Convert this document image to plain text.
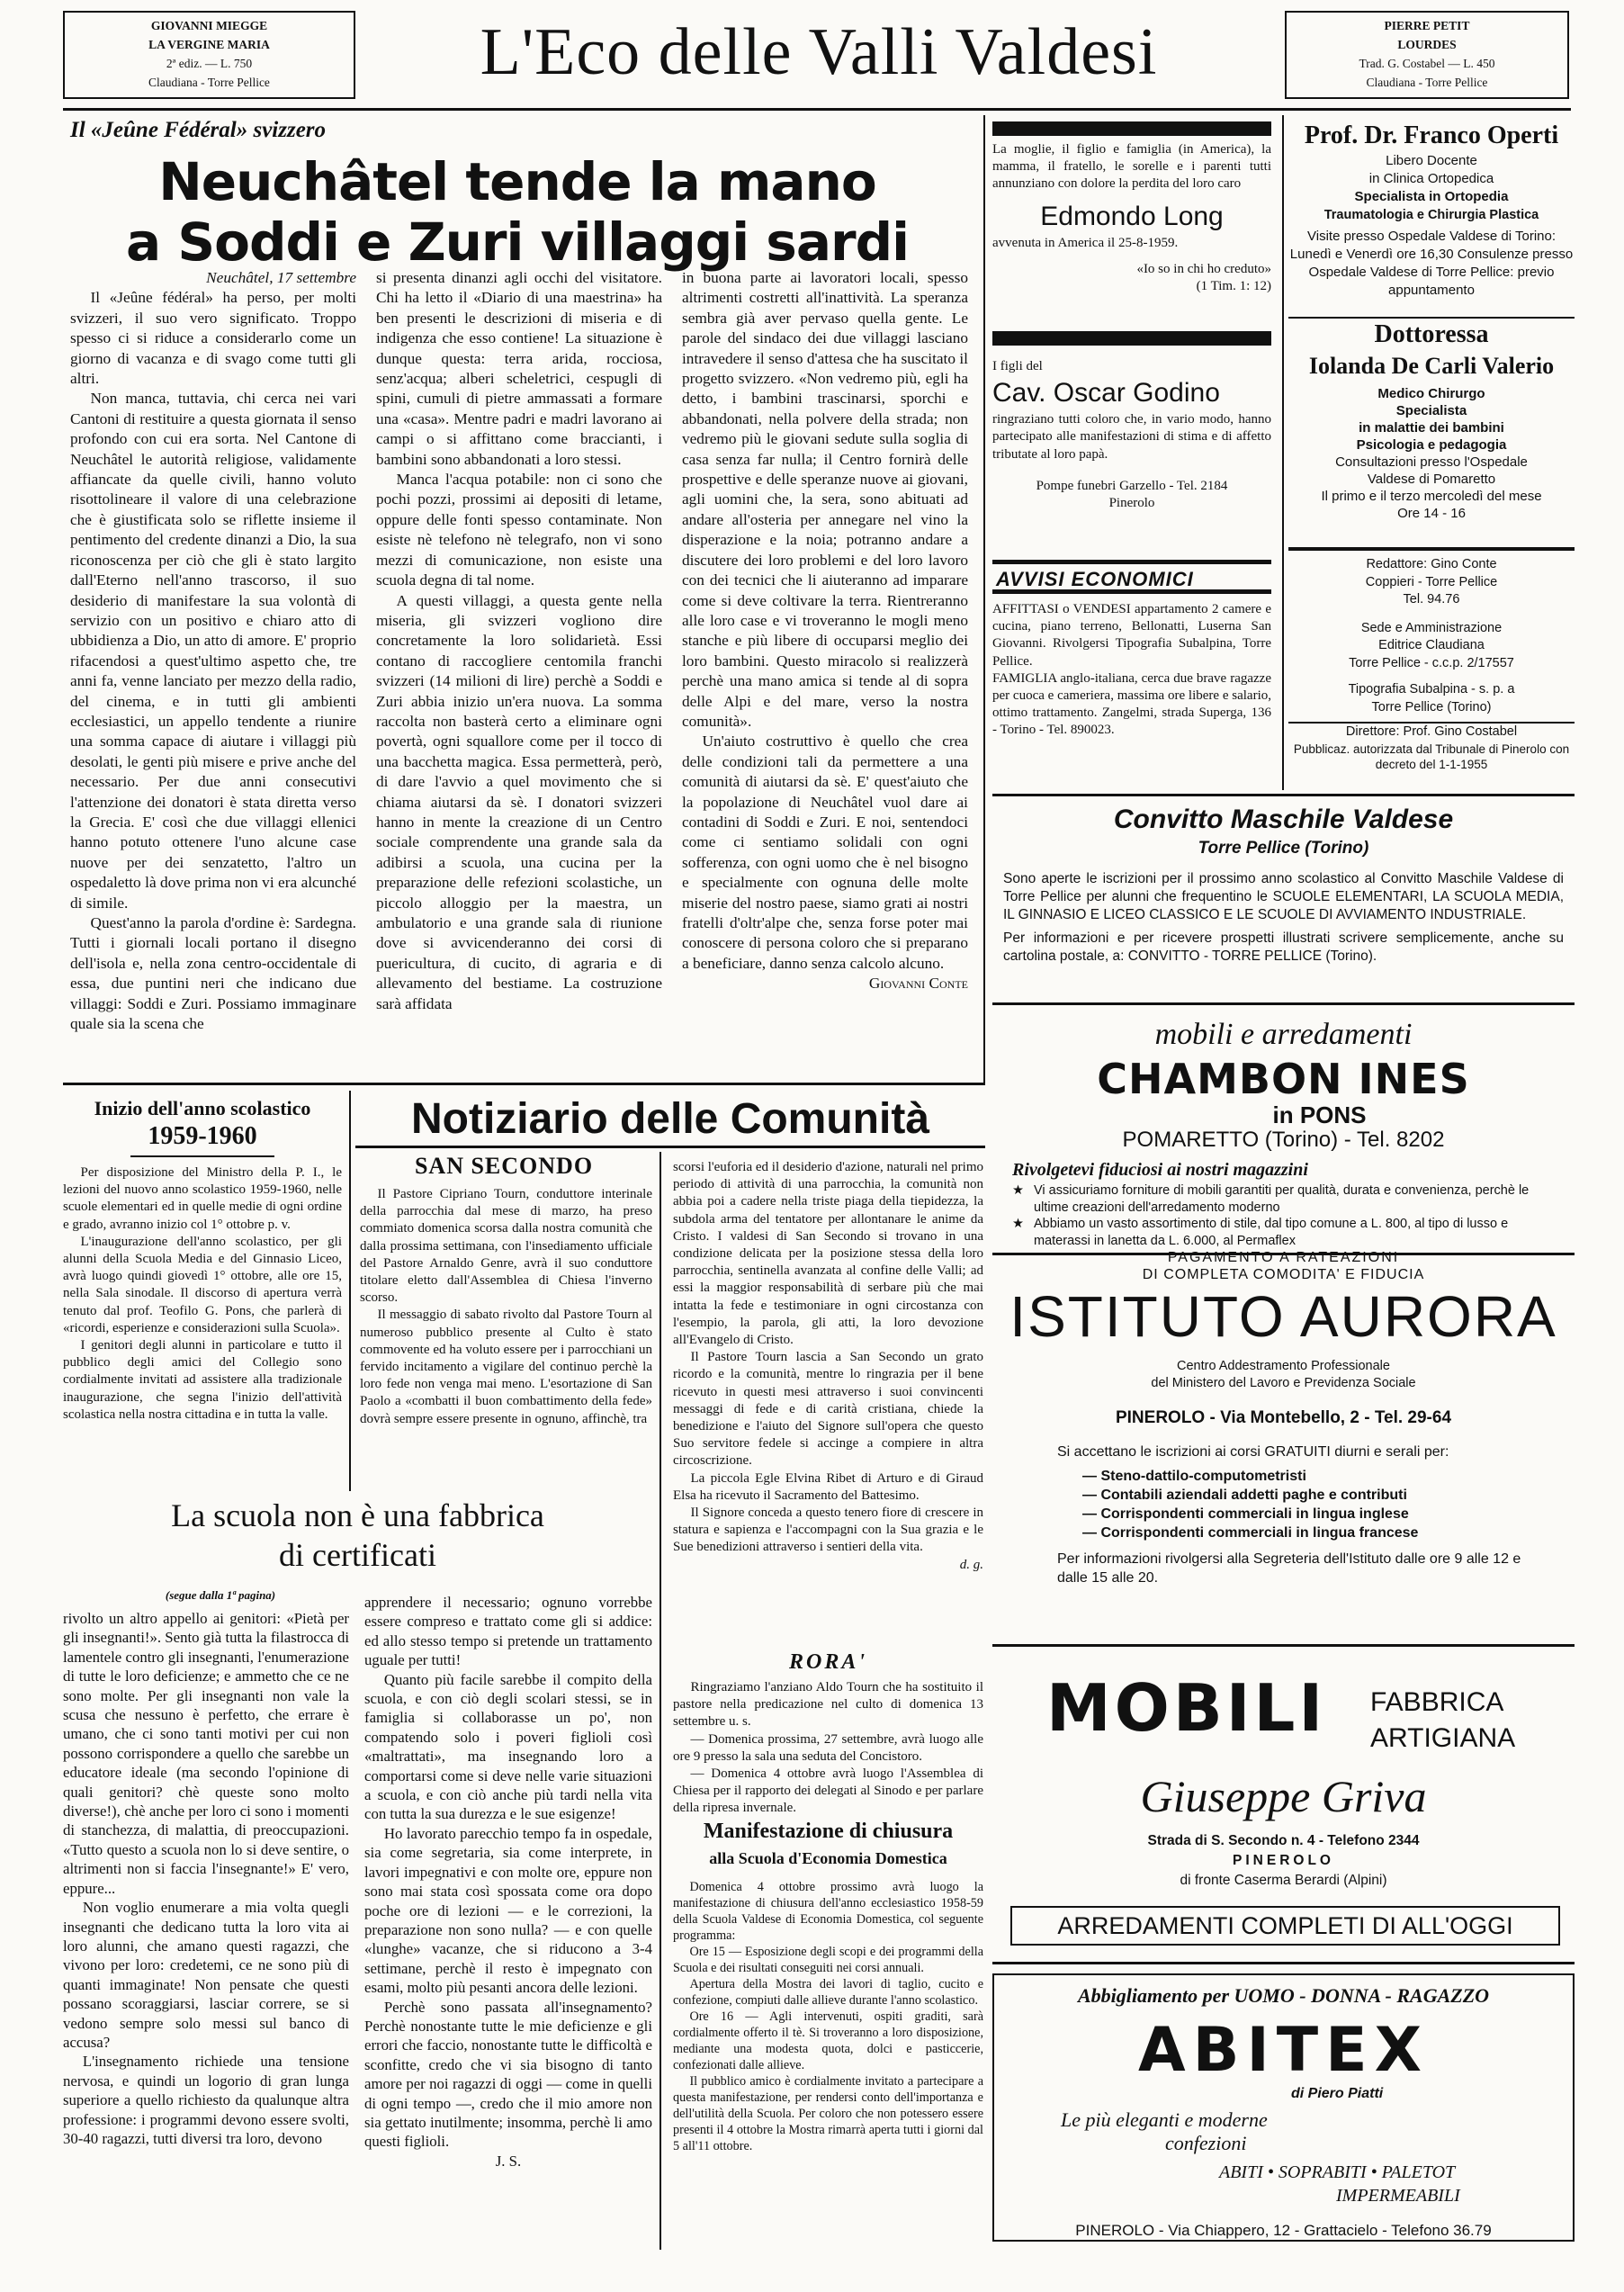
GIOVANNI MIEGGE
LA VERGINE MARIA
2ª ediz. — L. 750
Claudiana - Torre Pellice	L'Eco delle Valli Valdesi	PIERRE PETIT
LOURDES
Trad. G. Costabel — L. 450
Claudiana - Torre Pellice
Il «Jeûne Fédéral» svizzero
Neuchâtel tende la mano
a Soddi e Zuri villaggi sardi

Neuchâtel, 17 settembre

Il «Jeûne fédéral» ha perso, per molti svizzeri, il suo vero significato. Troppo spesso ci si riduce a considerarlo come un giorno di vacanza e di svago come tutti gli altri.

Non manca, tuttavia, chi cerca nei vari Cantoni di restituire a questa giornata il senso profondo con cui era sorta. Nel Cantone di Neuchâtel le autorità religiose, validamente affiancate da quelle civili, hanno voluto risottolineare il valore di una celebrazione che è giustificata solo se riflette insieme il pentimento del credente dinanzi a Dio, la sua riconoscenza per ciò che gli è stato largito dall'Eterno nell'anno trascorso, il suo desiderio di manifestare la sua volontà di servizio con un positivo e chiaro atto di ubbidienza a Dio, un atto di amore. E' proprio rifacendosi a quest'ultimo aspetto che, tre anni fa, venne lanciato per mezzo della radio, del cinema, e in tutti gli ambienti ecclesiastici, un appello tendente a riunire una somma capace di aiutare i villaggi più desolati, le genti più misere e prive anche del necessario. Per due anni consecutivi l'attenzione dei donatori è stata diretta verso la Grecia. E' così che due villaggi ellenici hanno potuto ottenere l'uno alcune case nuove per dei senzatetto, l'altro un ospedaletto là dove prima non vi era alcunché di simile.

Quest'anno la parola d'ordine è: Sardegna. Tutti i giornali locali portano il disegno dell'isola e, nella zona centro-occidentale di essa, due puntini neri che indicano due villaggi: Soddi e Zuri. Possiamo immaginare quale sia la scena che

si presenta dinanzi agli occhi del visitatore. Chi ha letto il «Diario di una maestrina» ha ben presenti le descrizioni di miseria e di indigenza che esso contiene! La situazione è dunque questa: terra arida, rocciosa, senz'acqua; alberi scheletrici, cespugli di spini, cumuli di pietre ammassati a formare una «casa». Mentre padri e madri lavorano ai campi o si affittano come braccianti, i bambini sono abbandonati a loro stessi.

Manca l'acqua potabile: non ci sono che pochi pozzi, prossimi ai depositi di letame, oppure delle fonti spesso contaminate. Non esiste nè telefono nè telegrafo, non vi sono mezzi di comunicazione, non esiste una scuola degna di tal nome.

A questi villaggi, a questa gente nella miseria, gli svizzeri vogliono dire concretamente la loro solidarietà. Essi contano di raccogliere centomila franchi svizzeri (14 milioni di lire) perchè a Soddi e Zuri abbia inizio un'era nuova. La somma raccolta non basterà certo a eliminare ogni povertà, ogni squallore come per il tocco di una bacchetta magica. Essa permetterà, però, di dare l'avvio a quel movimento che si chiama aiutarsi da sè. I donatori svizzeri hanno in mente la creazione di un Centro sociale comprendente una grande sala da adibirsi a scuola, una cucina per la preparazione delle refezioni scolastiche, un piccolo alloggio per la maestra, un ambulatorio e una grande sala di riunione dove si avvicenderanno dei corsi di puericultura, di cucito, di agraria e di allevamento del bestiame. La costruzione sarà affidata

in buona parte ai lavoratori locali, spesso altrimenti costretti all'inattività. La speranza sembra già aver pervaso quella gente. Le parole del sindaco dei due villaggi lasciano intravedere il senso d'attesa che ha suscitato il progetto svizzero. «Non vedremo più, egli ha detto, i bambini trascinarsi, sporchi e abbandonati, nella polvere della strada; non vedremo più le giovani sedute sulla soglia di casa senza far nulla; il Centro fornirà delle prospettive e delle speranze nuove ai giovani, agli uomini che, la sera, sono abituati ad andare all'osteria per annegare nel vino la disperazione e la noia; potranno andare a discutere dei loro problemi e del loro lavoro con dei tecnici che li aiuteranno ad imparare come si deve coltivare la terra. Rientreranno alle loro case e vi troveranno le mogli meno stanche e più libere di occuparsi meglio dei loro bambini. Questo miracolo si realizzerà perchè una mano amica si tende al di sopra delle Alpi e del mare, verso la nostra comunità».

Un'aiuto costruttivo è quello che crea delle condizioni tali da permettere a una comunità di aiutarsi da sè. E' quest'aiuto che la popolazione di Neuchâtel vuol dare ai contadini di Soddi e Zuri. E noi, sentendoci come ci sentiamo solidali con ogni sofferenza, con ogni uomo che è nel bisogno e specialmente con ognuna delle molte miserie del nostro paese, siamo grati ai nostri fratelli d'oltr'alpe che, senza forse poter mai conoscere di persona coloro che si preparano a beneficiare, danno senza calcolo alcuno.

Giovanni Conte

La moglie, il figlio e famiglia (in America), la mamma, il fratello, le sorelle e i parenti tutti annunziano con dolore la perdita del loro caro
Edmondo Long
avvenuta in America il 25-8-1959.
«Io so in chi ho creduto»
(1 Tim. 1: 12)
I figli del
Cav. Oscar Godino
ringraziano tutti coloro che, in vario modo, hanno partecipato alle manifestazioni di stima e di affetto tributate al loro papà.
Pompe funebri Garzello - Tel. 2184
Pinerolo
AVVISI ECONOMICI

AFFITTASI o VENDESI appartamento 2 camere e cucina, piano terreno, Bellonatti, Luserna San Giovanni. Rivolgersi Tipografia Subalpina, Torre Pellice.

FAMIGLIA anglo-italiana, cerca due brave ragazze per cuoca e cameriera, massima ore libere e salario, ottimo trattamento. Zangelmi, strada Superga, 136 - Torino - Tel. 890023.

Prof. Dr. Franco Operti
Libero Docente
in Clinica Ortopedica
Specialista in Ortopedia
Traumatologia e Chirurgia Plastica
Visite presso Ospedale Valdese di Torino: Lunedì e Venerdì ore 16,30 Consulenze presso Ospedale Valdese di Torre Pellice: previo appuntamento
Dottoressa
Iolanda De Carli Valerio
Medico Chirurgo
Specialista
in malattie dei bambini
Psicologia e pedagogia
Consultazioni presso l'Ospedale
Valdese di Pomaretto
Il primo e il terzo mercoledì del mese
Ore 14 - 16
Redattore: Gino Conte
Coppieri - Torre Pellice
Tel. 94.76
Sede e Amministrazione
Editrice Claudiana
Torre Pellice - c.c.p. 2/17557
Tipografia Subalpina - s. p. a
Torre Pellice (Torino)
Direttore: Prof. Gino Costabel
Pubblicaz. autorizzata dal Tribunale di Pinerolo con decreto del 1-1-1955
Convitto Maschile Valdese
Torre Pellice (Torino)
Sono aperte le iscrizioni per il prossimo anno scolastico al Convitto Maschile Valdese di Torre Pellice per alunni che frequentino le SCUOLE ELEMENTARI, LA SCUOLA MEDIA, IL GINNASIO E LICEO CLASSICO E LE SCUOLE DI AVVIAMENTO INDUSTRIALE.
Per informazioni e per ricevere prospetti illustrati scrivere semplicemente, anche su cartolina postale, a: CONVITTO - TORRE PELLICE (Torino).
mobili e arredamenti
CHAMBON INES
in PONS
POMARETTO (Torino) - Tel. 8202
Rivolgetevi fiduciosi ai nostri magazzini
★ Vi assicuriamo forniture di mobili garantiti per qualità, durata e convenienza, perchè le ultime creazioni dell'arredamento moderno
★ Abbiamo un vasto assortimento di stile, dal tipo comune a L. 800, al tipo di lusso e materassi in lanetta da L. 6.000, al Permaflex
PAGAMENTO A RATEAZIONI
DI COMPLETA COMODITA' E FIDUCIA
ISTITUTO AURORA
Centro Addestramento Professionale
del Ministero del Lavoro e Previdenza Sociale
PINEROLO - Via Montebello, 2 - Tel. 29-64
Si accettano le iscrizioni ai corsi GRATUITI diurni e serali per:
— Steno-dattilo-computometristi
— Contabili aziendali addetti paghe e contributi
— Corrispondenti commerciali in lingua inglese
— Corrispondenti commerciali in lingua francese
Per informazioni rivolgersi alla Segreteria dell'Istituto dalle ore 9 alle 12 e dalle 15 alle 20.
MOBILI FABBRICA
ARTIGIANA
Giuseppe Griva
Strada di S. Secondo n. 4 - Telefono 2344
PINEROLO
di fronte Caserma Berardi (Alpini)
ARREDAMENTI COMPLETI DI ALL'OGGI
Abbigliamento per UOMO - DONNA - RAGAZZO
ABITEX
di Piero Piatti
Le più eleganti e moderne
confezioni
ABITI • SOPRABITI • PALETOT
IMPERMEABILI
PINEROLO - Via Chiappero, 12 - Grattacielo - Telefono 36.79
Inizio dell'anno scolastico
1959-1960

Per disposizione del Ministro della P. I., le lezioni del nuovo anno scolastico 1959-1960, nelle scuole elementari ed in quelle medie di ogni ordine e grado, avranno inizio col 1° ottobre p. v.

L'inaugurazione dell'anno scolastico, per gli alunni della Scuola Media e del Ginnasio Liceo, avrà luogo quindi giovedì 1° ottobre, alle ore 15, nella Sala sinodale. Il discorso di apertura verrà tenuto dal prof. Teofilo G. Pons, che parlerà di «ricordi, esperienze e considerazioni sulla Scuola».

I genitori degli alunni in particolare e tutto il pubblico degli amici del Collegio sono cordialmente invitati ad assistere alla tradizionale inaugurazione, che segna l'inizio dell'attività scolastica nella nostra cittadina e in tutta la valle.

Notiziario delle Comunità
SAN SECONDO

Il Pastore Cipriano Tourn, conduttore interinale della parrocchia dal mese di marzo, ha preso commiato domenica scorsa dalla nostra comunità che dalla prossima settimana, con l'insediamento ufficiale del Pastore Arnaldo Genre, avrà il suo conduttore titolare eletto dall'Assemblea di Chiesa l'inverno scorso.

Il messaggio di sabato rivolto dal Pastore Tourn al numeroso pubblico presente al Culto è stato commovente ed ha voluto essere per i parrocchiani un fervido incitamento a vigilare del continuo perchè la loro fede non venga mai meno. L'esortazione di San Paolo a «combatti il buon combattimento della fede» dovrà sempre essere presente in ognuno, affinchè, tra

scorsi l'euforia ed il desiderio d'azione, naturali nel primo periodo di attività di una parrocchia, la comunità non abbia poi a cadere nella triste piaga della tiepidezza, la subdola arma del tentatore per allontanare le anime da Cristo. I valdesi di San Secondo si trovano in una condizione delicata per la posizione stessa della loro parrocchia, sentinella avanzata al confine delle Valli; ad essi la maggior responsabilità di serbare più che mai intatta la fede e testimoniare in ogni circostanza con l'esempio, la parola, gli atti, la loro devozione all'Evangelo di Cristo.

Il Pastore Tourn lascia a San Secondo un grato ricordo e la comunità, mentre lo ringrazia per il bene ricevuto in questi mesi attraverso i suoi convincenti messaggi di fede e di carità cristiana, chiede la benedizione e l'aiuto del Signore sull'opera che questo Suo servitore fedele si accinge a compiere in altra circoscrizione.

La piccola Egle Elvina Ribet di Arturo e di Giraud Elsa ha ricevuto il Sacramento del Battesimo.

Il Signore conceda a questo tenero fiore di crescere in statura e sapienza e l'accompagni con la Sua grazia e le Sue benedizioni attraverso i sentieri della vita.

d. g.

RORA'

Ringraziamo l'anziano Aldo Tourn che ha sostituito il pastore nella predicazione nel culto di domenica 13 settembre u. s.

— Domenica prossima, 27 settembre, avrà luogo alle ore 9 presso la sala una seduta del Concistoro.

— Domenica 4 ottobre avrà luogo l'Assemblea di Chiesa per il rapporto dei delegati al Sinodo e per parlare della ripresa invernale.

Manifestazione di chiusura
alla Scuola d'Economia Domestica

Domenica 4 ottobre prossimo avrà luogo la manifestazione di chiusura dell'anno ecclesiastico 1958-59 della Scuola Valdese di Economia Domestica, col seguente programma:

Ore 15 — Esposizione degli scopi e dei programmi della Scuola e dei risultati conseguiti nei corsi annuali.

Apertura della Mostra dei lavori di taglio, cucito e confezione, compiuti dalle allieve durante l'anno scolastico.

Ore 16 — Agli intervenuti, ospiti graditi, sarà cordialmente offerto il tè. Si troveranno a loro disposizione, mediante una modesta quota, dolci e pasticcerie, confezionati dalle allieve.

Il pubblico amico è cordialmente invitato a partecipare a questa manifestazione, per rendersi conto dell'importanza e dell'utilità della Scuola. Per coloro che non potessero essere presenti il 4 ottobre la Mostra rimarrà aperta tutti i giorni dal 5 all'11 ottobre.

La scuola non è una fabbrica
di certificati
(segue dalla 1ª pagina)

rivolto un altro appello ai genitori: «Pietà per gli insegnanti!». Sento già tutta la filastrocca di lamentele contro gli insegnanti, l'enumerazione di tutte le loro deficienze; e ammetto che ce ne sono molte. Per gli insegnanti non vale la scusa che nessuno è perfetto, che errare è umano, che ci sono tanti motivi per cui non possono corrispondere a quello che sarebbe un educatore ideale (ma secondo l'opinione di quali genitori? chè queste sono molto diverse!), chè anche per loro ci sono i momenti di stanchezza, di malattia, di preoccupazioni. «Tutto questo a scuola non lo si deve sentire, o altrimenti non si faccia l'insegnante!» E' vero, eppure...

Non voglio enumerare a mia volta quegli insegnanti che dedicano tutta la loro vita ai loro alunni, che amano questi ragazzi, che vivono per loro: credetemi, ce ne sono più di quanti immaginate! Non pensate che questi possano scoraggiarsi, lasciar correre, se si vedono sempre solo messi sul banco di accusa?

L'insegnamento richiede una tensione nervosa, e quindi un logorio di gran lunga superiore a quello richiesto da qualunque altra professione: i programmi devono essere svolti, 30-40 ragazzi, tutti diversi tra loro, devono

apprendere il necessario; ognuno vorrebbe essere compreso e trattato come gli si addice: ed allo stesso tempo si pretende un trattamento uguale per tutti!

Quanto più facile sarebbe il compito della scuola, e con ciò degli scolari stessi, se in famiglia si collaborasse un po', non compatendo solo i poveri figlioli così «maltrattati», ma insegnando loro a comportarsi come si deve nelle varie situazioni a scuola, e con ciò anche più tardi nella vita con tutta la sua durezza e le sue esigenze!

Ho lavorato parecchio tempo fa in ospedale, sia come segretaria, sia come interprete, in lavori impegnativi e con molte ore, eppure non sono mai stata così spossata come ora dopo poche ore di lezioni — e le correzioni, la preparazione non sono nulla? — e con quelle «lunghe» vacanze, che si riducono a 3-4 settimane, perchè il resto è impegnato con esami, molto più pesanti ancora delle lezioni.

Perchè sono passata all'insegnamento? Perchè nonostante tutte le mie deficienze e gli errori che faccio, nonostante tutte le difficoltà e sconfitte, credo che vi sia bisogno di tanto amore per noi ragazzi di oggi — come in quelli di ogni tempo —, credo che il mio amore non sia gettato inutilmente; insomma, perchè li amo questi figlioli.

J. S.
